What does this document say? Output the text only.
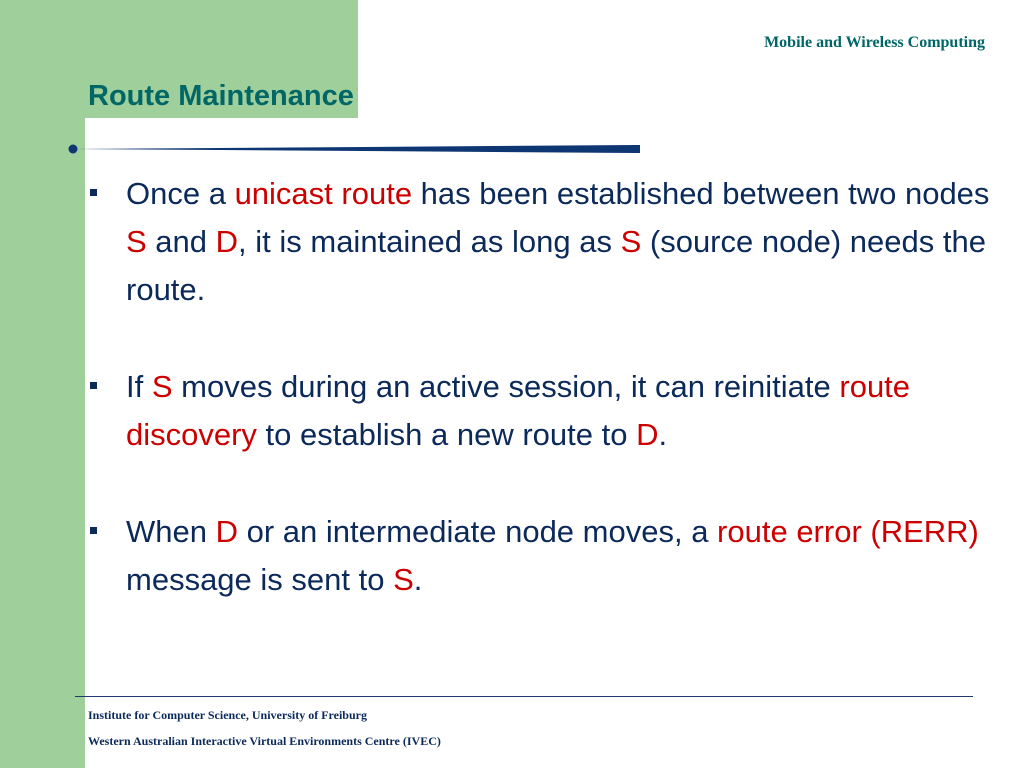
Mobile and Wireless Computing
Route Maintenance
Once a unicast route has been established between two nodes S and D, it is maintained as long as S (source node) needs the route.
If S moves during an active session, it can reinitiate route discovery to establish a new route to D.
When D or an intermediate node moves, a route error (RERR) message is sent to S.
Institute for Computer Science, University of Freiburg
Western Australian Interactive Virtual Environments Centre (IVEC)
